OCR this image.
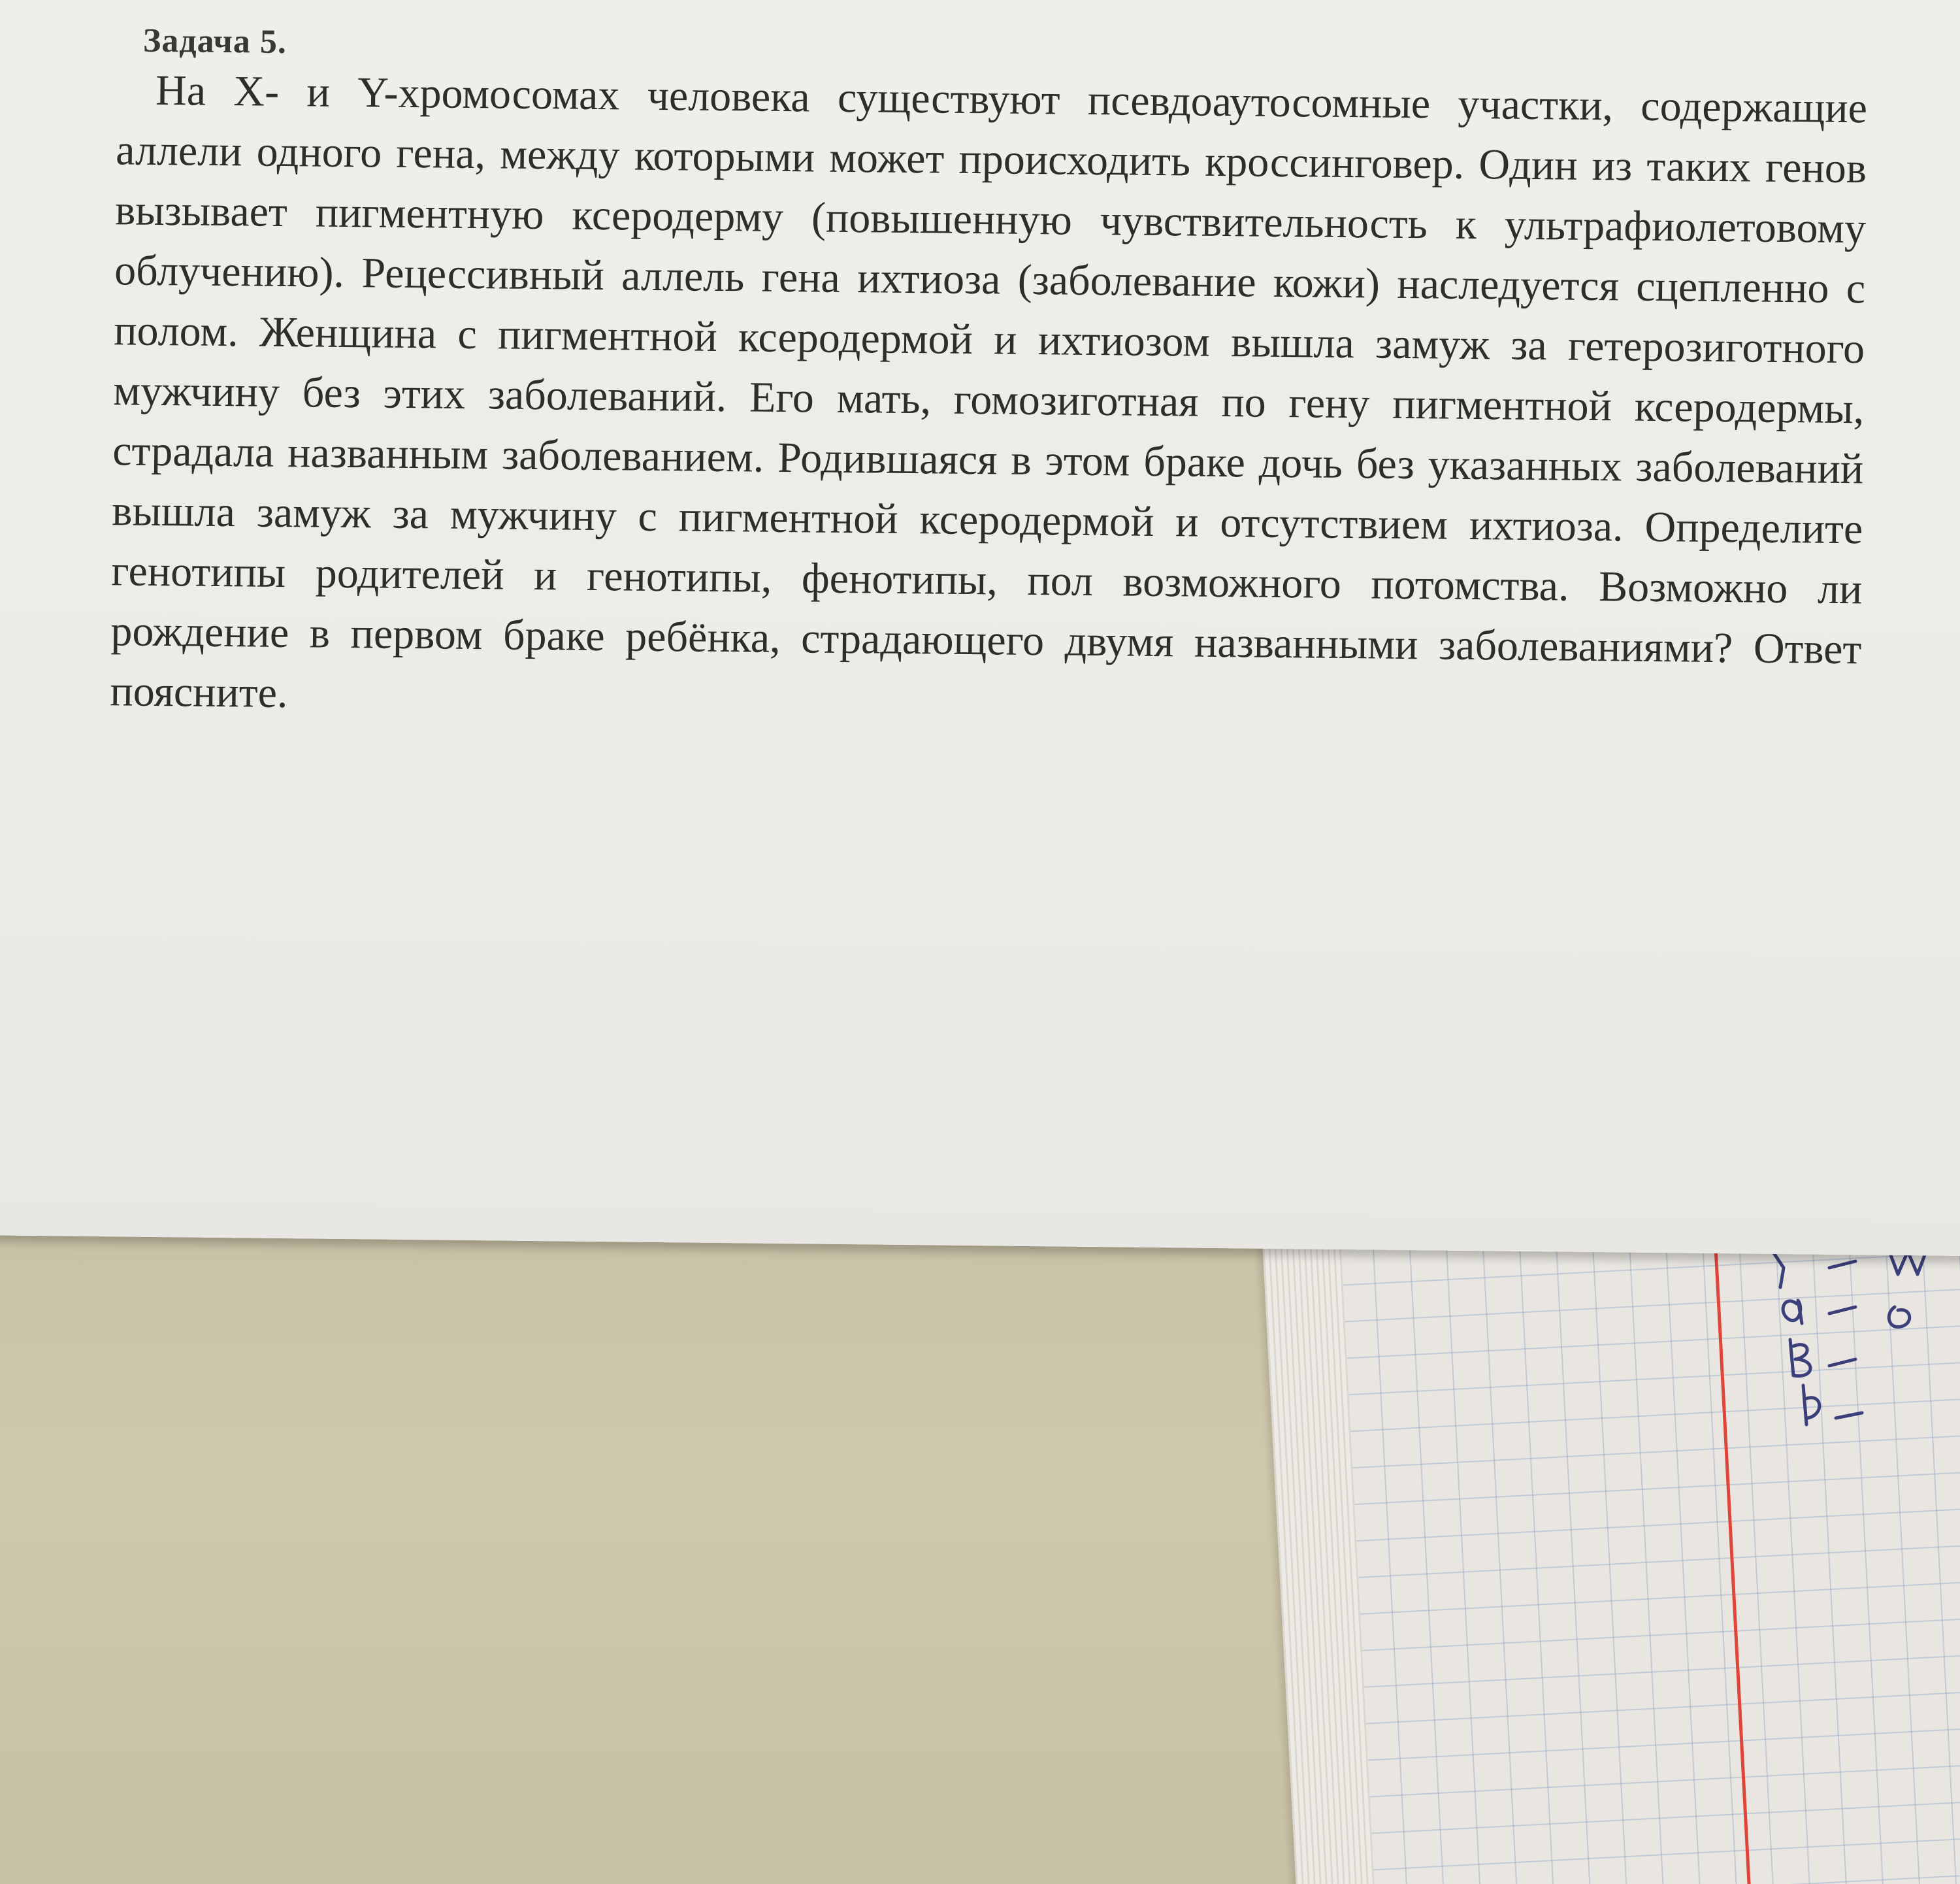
Задача 5.
На X- и Y-хромосомах человека существуют псевдоаутосомные участки, содержащие аллели одного гена, между которыми может происходить кроссинговер. Один из таких генов вызывает пигментную ксеродерму (повышенную чувствительность к ультрафиолетовому облучению). Рецессивный аллель гена ихтиоза (заболевание кожи) наследуется сцепленно с полом. Женщина с пигментной ксеродермой и ихтиозом вышла замуж за гетерозиготного мужчину без этих заболеваний. Его мать, гомозиготная по гену пигментной ксеродермы, страдала названным заболеванием. Родившаяся в этом браке дочь без указанных заболеваний вышла замуж за мужчину с пигментной ксеродермой и отсутствием ихтиоза. Определите генотипы родителей и генотипы, фенотипы, пол возможного потомства. Возможно ли рождение в первом браке ребёнка, страдающего двумя названными заболеваниями? Ответ поясните.
